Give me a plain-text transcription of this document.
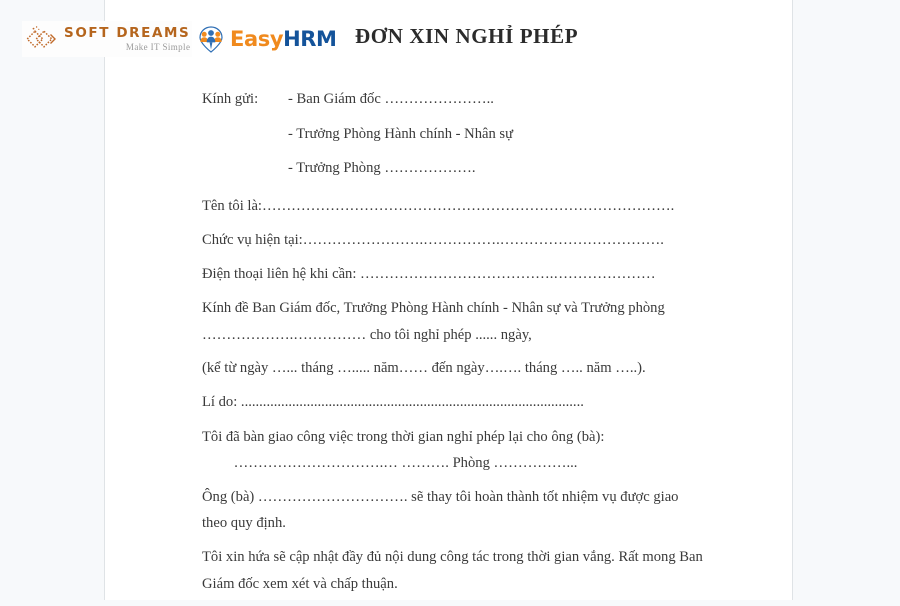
SOFT DREAMS
Make IT Simple EasyHRM ĐƠN XIN NGHỈ PHÉP
Kính gửi:	- Ban Giám đốc …………………..
- Trưởng Phòng Hành chính - Nhân sự
- Trưởng Phòng ……………….
Tên tôi là:………………………………………………………………………….
Chức vụ hiện tại:…………………….…………….…………………………….
Điện thoại liên hệ khi cần: ………………………………….…………………
Kính đề Ban Giám đốc, Trưởng Phòng Hành chính - Nhân sự và Trưởng phòng
……………….…………… cho tôi nghỉ phép ...... ngày,
(kể từ ngày …... tháng …..... năm…… đến ngày….…. tháng ….. năm …..).
Lí do: ..............................................................................................
Tôi đã bàn giao công việc trong thời gian nghỉ phép lại cho ông (bà):
………………………….… ………. Phòng ……………...
Ông (bà) …………………………. sẽ thay tôi hoàn thành tốt nhiệm vụ được giao
theo quy định.
Tôi xin hứa sẽ cập nhật đầy đủ nội dung công tác trong thời gian vắng. Rất mong Ban
Giám đốc xem xét và chấp thuận.
